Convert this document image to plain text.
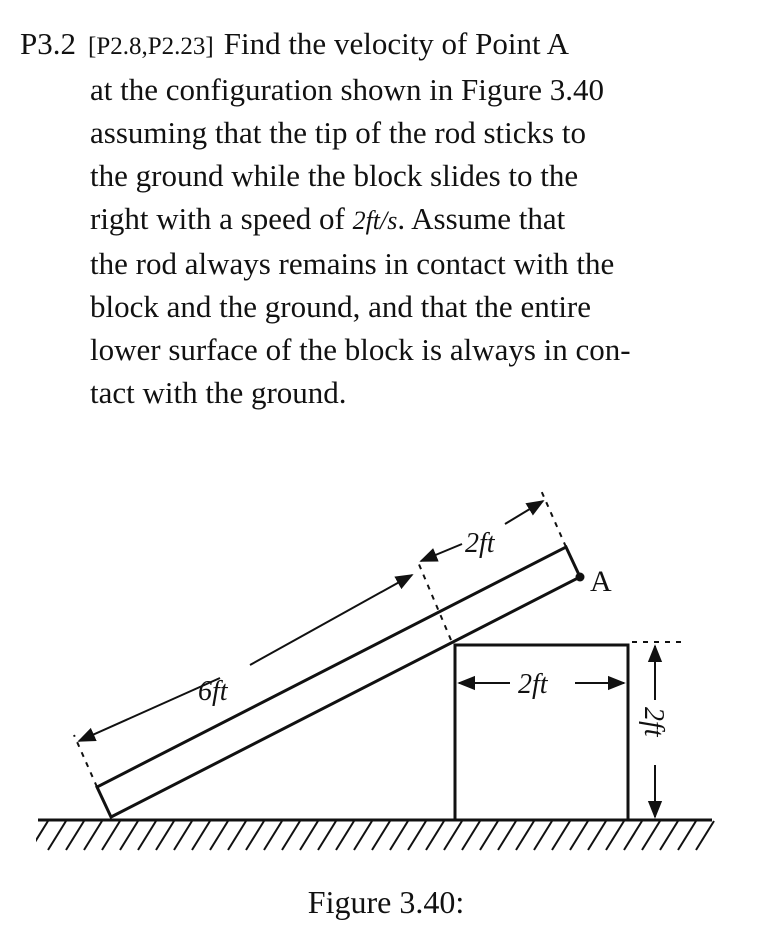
P3.2 [P2.8,P2.23] Find the velocity of Point A
at the configuration shown in Figure 3.40
assuming that the tip of the rod sticks to
the ground while the block slides to the
right with a speed of 2ft/s. Assume that
the rod always remains in contact with the
block and the ground, and that the entire
lower surface of the block is always in con-
tact with the ground.
A
6ft
2ft
2ft
2ft
Figure 3.40:
